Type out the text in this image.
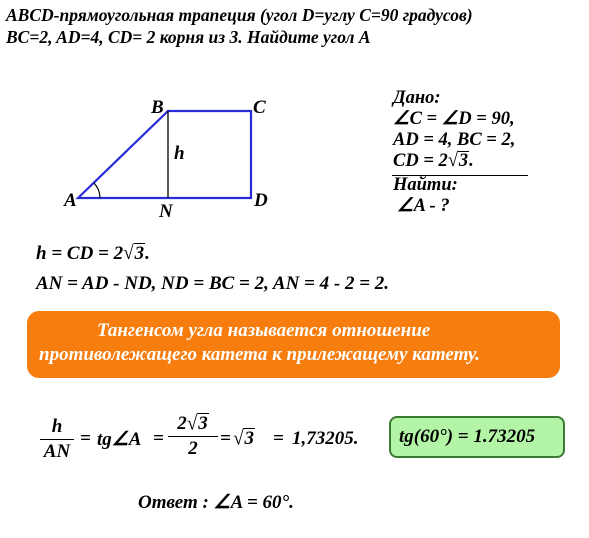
ABCD-прямоугольная трапеция (угол D=углу C=90 градусов)
BC=2, AD=4, CD= 2 корня из 3. Найдите угол А
B	C
A	D
N
h
Дано:
∠C = ∠D = 90,
AD = 4, BC = 2,
CD = 2√3.
Найти:
∠A - ?
h = CD = 2√3.
AN = AD - ND, ND = BC = 2, AN = 4 - 2 = 2.
Тангенсом угла называется отношение противолежащего катета к прилежащему катету.
$\frac{h}{AN}$ = tg∠A = $\frac{2√3}{2} = √3 = 1,73205$. tg(60°) = 1.73205
Ответ : ∠A = 60°.
